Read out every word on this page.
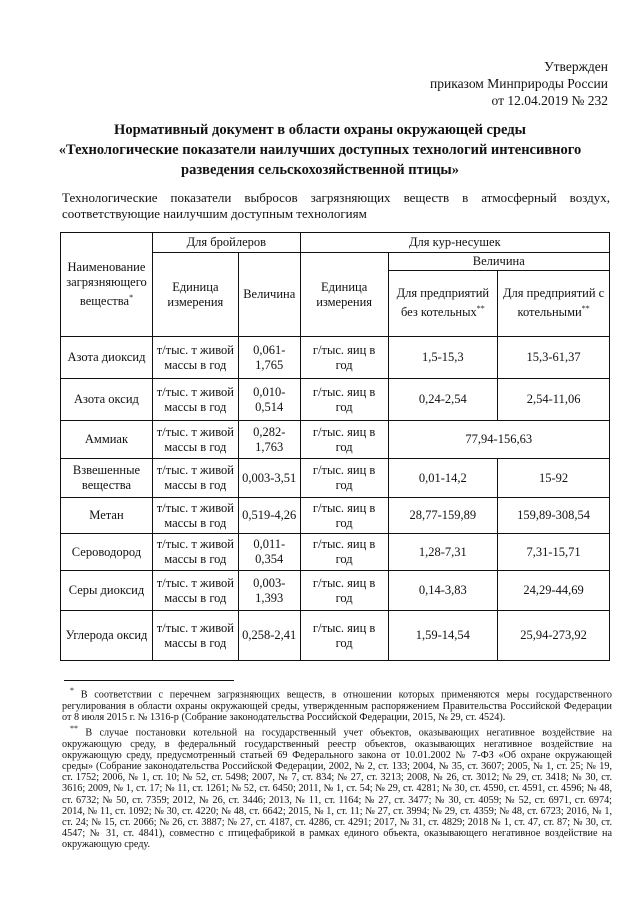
Утвержден
приказом Минприроды России
от 12.04.2019 № 232
Нормативный документ в области охраны окружающей среды
«Технологические показатели наилучших доступных технологий интенсивного
разведения сельскохозяйственной птицы»
Технологические показатели выбросов загрязняющих веществ в атмосферный воздух,
соответствующие наилучшим доступным технологиям
Наименование загрязняющего вещества*	Для бройлеров		Для кур-несушек		
	Единица измерения	Величина	Единица измерения	Величина	
				Для предприятий без котельных**	Для предприятий с котельными**
Азота диоксид	т/тыс. т живой массы в год	0,061-1,765	г/тыс. яиц в год	1,5-15,3	15,3-61,37
Азота оксид	т/тыс. т живой массы в год	0,010-0,514	г/тыс. яиц в год	0,24-2,54	2,54-11,06
Аммиак	т/тыс. т живой массы в год	0,282-1,763	г/тыс. яиц в год	77,94-156,63	
Взвешенные вещества	т/тыс. т живой массы в год	0,003-3,51	г/тыс. яиц в год	0,01-14,2	15-92
Метан	т/тыс. т живой массы в год	0,519-4,26	г/тыс. яиц в год	28,77-159,89	159,89-308,54
Сероводород	т/тыс. т живой массы в год	0,011-0,354	г/тыс. яиц в год	1,28-7,31	7,31-15,71
Серы диоксид	т/тыс. т живой массы в год	0,003-1,393	г/тыс. яиц в год	0,14-3,83	24,29-44,69
Углерода оксид	т/тыс. т живой массы в год	0,258-2,41	г/тыс. яиц в год	1,59-14,54	25,94-273,92

* В соответствии с перечнем загрязняющих веществ, в отношении которых применяются меры государственного регулирования в области охраны окружающей среды, утвержденным распоряжением Правительства Российской Федерации от 8 июля 2015 г. № 1316-р (Собрание законодательства Российской Федерации, 2015, № 29, ст. 4524).

** В случае постановки котельной на государственный учет объектов, оказывающих негативное воздействие на окружающую среду, в федеральный государственный реестр объектов, оказывающих негативное воздействие на окружающую среду, предусмотренный статьей 69 Федерального закона от 10.01.2002 № 7-ФЗ «Об охране окружающей среды» (Собрание законодательства Российской Федерации, 2002, № 2, ст. 133; 2004, № 35, ст. 3607; 2005, № 1, ст. 25; № 19, ст. 1752; 2006, № 1, ст. 10; № 52, ст. 5498; 2007, № 7, ст. 834; № 27, ст. 3213; 2008, № 26, ст. 3012; № 29, ст. 3418; № 30, ст. 3616; 2009, № 1, ст. 17; № 11, ст. 1261; № 52, ст. 6450; 2011, № 1, ст. 54; № 29, ст. 4281; № 30, ст. 4590, ст. 4591, ст. 4596; № 48, ст. 6732; № 50, ст. 7359; 2012, № 26, ст. 3446; 2013, № 11, ст. 1164; № 27, ст. 3477; № 30, ст. 4059; № 52, ст. 6971, ст. 6974; 2014, № 11, ст. 1092; № 30, ст. 4220; № 48, ст. 6642; 2015, № 1, ст. 11; № 27, ст. 3994; № 29, ст. 4359; № 48, ст. 6723; 2016, № 1, ст. 24; № 15, ст. 2066; № 26, ст. 3887; № 27, ст. 4187, ст. 4286, ст. 4291; 2017, № 31, ст. 4829; 2018 № 1, ст. 47, ст. 87; № 30, ст. 4547; № 31, ст. 4841), совместно с птицефабрикой в рамках единого объекта, оказывающего негативное воздействие на окружающую среду.
